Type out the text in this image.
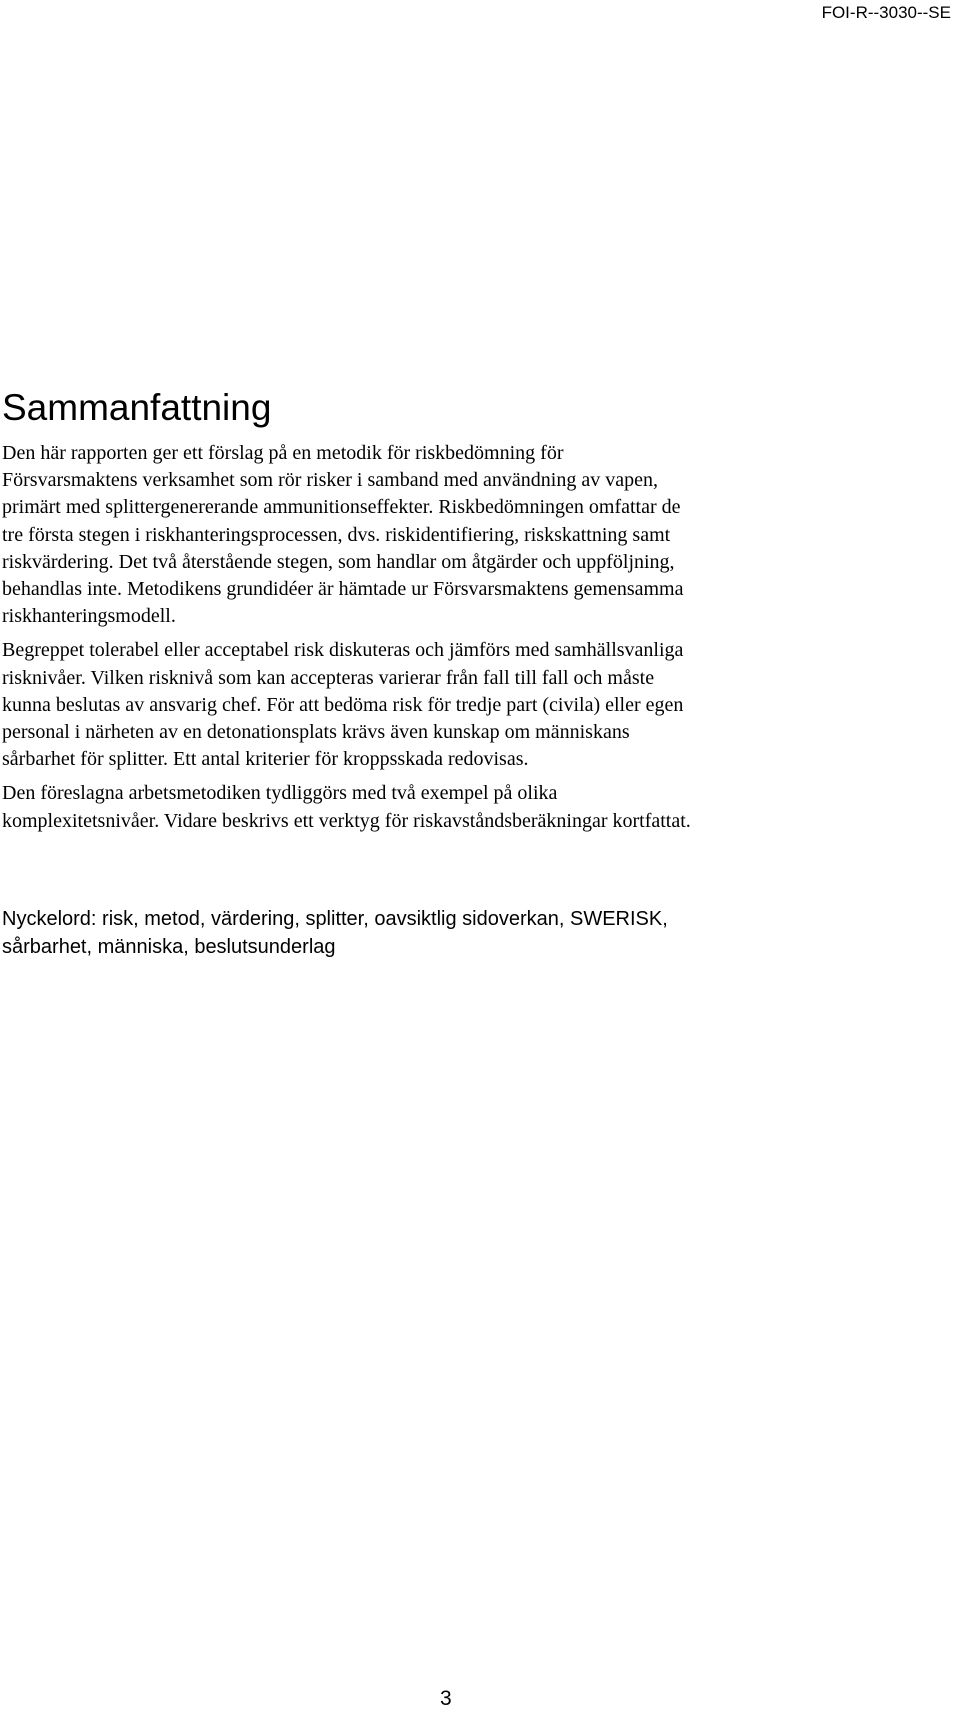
FOI-R--3030--SE
Sammanfattning

Den här rapporten ger ett förslag på en metodik för riskbedömning för
Försvarsmaktens verksamhet som rör risker i samband med användning av vapen,
primärt med splittergenererande ammunitionseffekter. Riskbedömningen omfattar de
tre första stegen i riskhanteringsprocessen, dvs. riskidentifiering, riskskattning samt
riskvärdering. Det två återstående stegen, som handlar om åtgärder och uppföljning,
behandlas inte. Metodikens grundidéer är hämtade ur Försvarsmaktens gemensamma
riskhanteringsmodell.

Begreppet tolerabel eller acceptabel risk diskuteras och jämförs med samhällsvanliga
risknivåer. Vilken risknivå som kan accepteras varierar från fall till fall och måste
kunna beslutas av ansvarig chef. För att bedöma risk för tredje part (civila) eller egen
personal i närheten av en detonationsplats krävs även kunskap om människans
sårbarhet för splitter. Ett antal kriterier för kroppsskada redovisas.

Den föreslagna arbetsmetodiken tydliggörs med två exempel på olika
komplexitetsnivåer. Vidare beskrivs ett verktyg för riskavståndsberäkningar kortfattat.

Nyckelord: risk, metod, värdering, splitter, oavsiktlig sidoverkan, SWERISK,
sårbarhet, människa, beslutsunderlag
3
